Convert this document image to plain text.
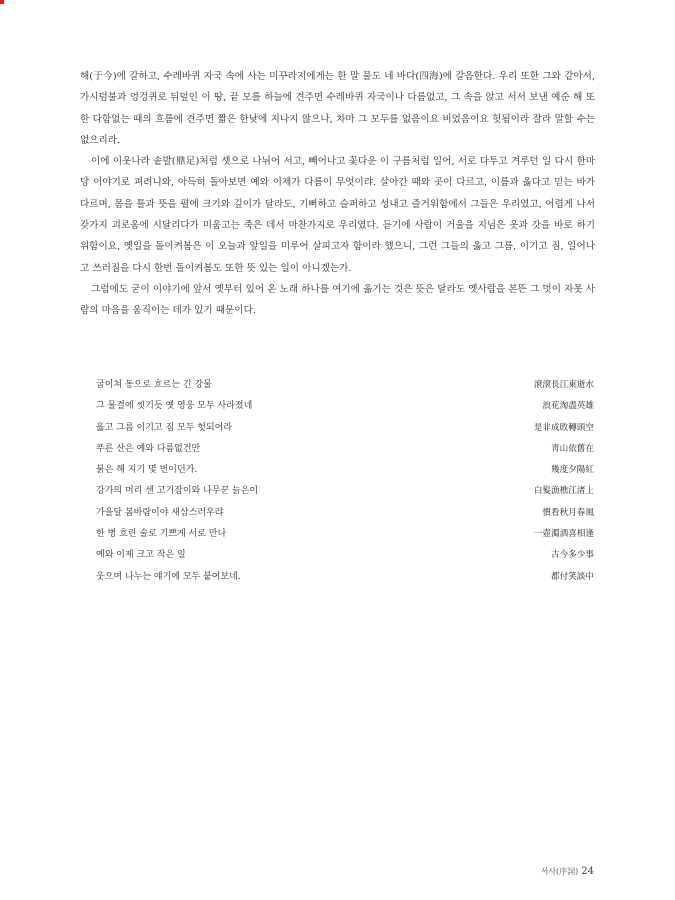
해(于今)에 갈하고, 수레바퀴 자국 속에 사는 미꾸라지에게는 한 말 물도 네 바다(四海)에 갈음한다. 우리 또한 그와 같아서, 가시덤불과 엉겅퀴로 뒤덮인 이 땅, 끝 모를 하늘에 견주면 수레바퀴 자국이나 다름없고, 그 속을 앉고 서서 보낸 예순 해 또한 다함없는 때의 흐름에 견주면 짧은 한낮에 지나지 않으나, 차마 그 모두를 없음이요 비었음이요 헛됨이라 잘라 말할 수는 없으리라.

이에 이웃나라 솥발(鼎足)처럼 셋으로 나뉘어 서고, 빼어나고 꽃다운 이 구름처럼 일어, 서로 다투고 겨루던 일 다시 한마당 이야기로 펴려니와, 아득히 돌아보면 예와 이제가 다름이 무엇이랴. 살아간 때와 곳이 다르고, 이름과 옳다고 믿는 바가 다르며, 몸을 틀과 뜻을 펼에 크기와 깊이가 달라도, 기뻐하고 슬퍼하고 성내고 즐거워함에서 그들은 우리였고, 어렵게 나서 갖가지 괴로움에 시달리다가 미움고는 죽은 데서 마찬가지로 우리였다. 듣기에 사람이 거울을 지님은 옷과 갓을 바로 하기 위함이요, 옛일을 돌이켜봄은 이 오늘과 앞일을 미루어 살피고자 함이라 했으니, 그런 그들의 옳고 그름, 이기고 짐, 일어나고 쓰러짐을 다시 한번 돌이켜봄도 또한 뜻 있는 일이 아니겠는가.

그럼에도 굳이 이야기에 앞서 옛부터 있어 온 노래 하나를 여기에 옮기는 것은 뜻은 달라도 옛사람을 본뜬 그 멋이 자못 사람의 마음을 움직이는 데가 있기 때문이다.

굽이쳐 동으로 흐르는 긴 강물	滾滾長江東逝水
그 물결에 씻기듯 옛 영웅 모두 사라졌네	浪花淘盡英雄
옳고 그름 이기고 짐 모두 헛되어라	是非成敗轉頭空
푸른 산은 예와 다름없건만	靑山依舊在
붉은 해 지기 몇 번이던가.	幾度夕陽紅
강가의 머리 센 고기잡이와 나무꾼 늙은이	白髮漁樵江渚上
가을달 봄바람이야 새삼스러우랴	慣看秋月春風
한 병 흐린 술로 기쁘게 서로 만나	一壺濁酒喜相逢
예와 이제 크고 작은 일	古今多少事
웃으며 나누는 얘기에 모두 붙여보네.	都付笑談中
서사(序詞) 24
